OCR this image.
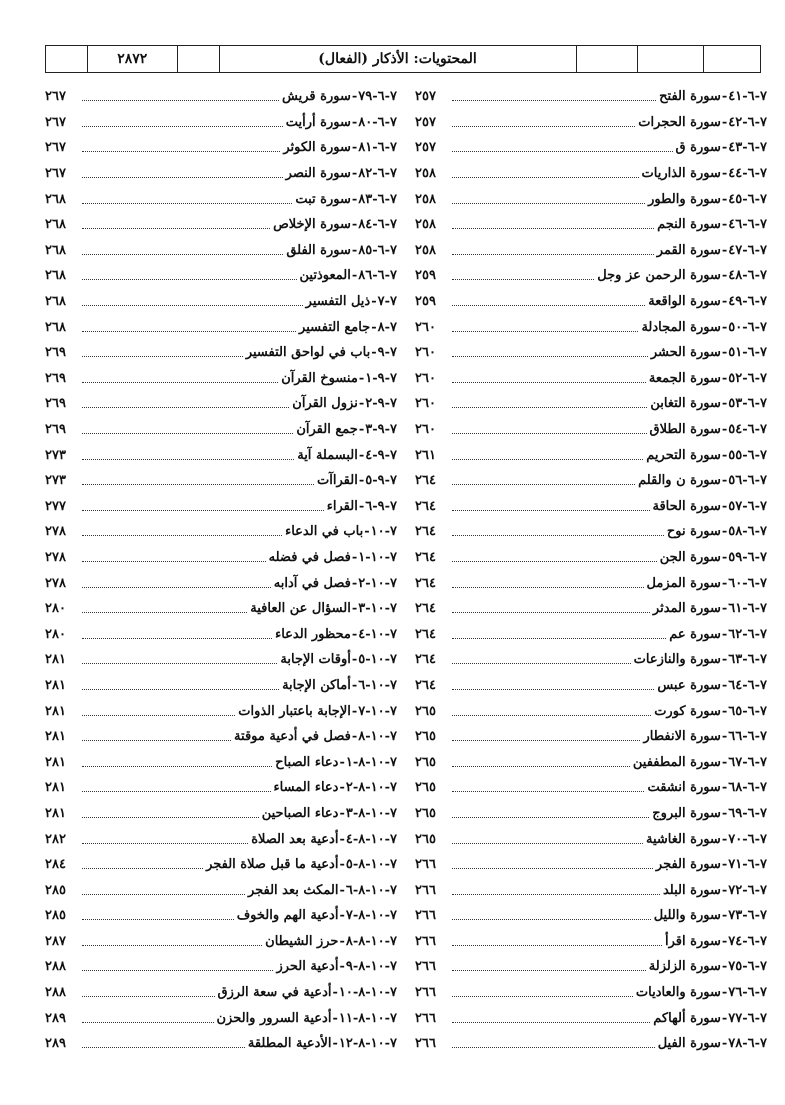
٢٨٧٢	المحتويات: الأذكار (الفعال)
٧-٦-٤١
-
سورة الفتح
٢٥٧
٧-٦-٤٢
-
سورة الحجرات
٢٥٧
٧-٦-٤٣
-
سورة ق
٢٥٧
٧-٦-٤٤
-
سورة الذاريات
٢٥٨
٧-٦-٤٥
-
سورة والطور
٢٥٨
٧-٦-٤٦
-
سورة النجم
٢٥٨
٧-٦-٤٧
-
سورة القمر
٢٥٨
٧-٦-٤٨
-
سورة الرحمن عز وجل
٢٥٩
٧-٦-٤٩
-
سورة الواقعة
٢٥٩
٧-٦-٥٠
-
سورة المجادلة
٢٦٠
٧-٦-٥١
-
سورة الحشر
٢٦٠
٧-٦-٥٢
-
سورة الجمعة
٢٦٠
٧-٦-٥٣
-
سورة التغابن
٢٦٠
٧-٦-٥٤
-
سورة الطلاق
٢٦٠
٧-٦-٥٥
-
سورة التحريم
٢٦١
٧-٦-٥٦
-
سورة ن والقلم
٢٦٤
٧-٦-٥٧
-
سورة الحاقة
٢٦٤
٧-٦-٥٨
-
سورة نوح
٢٦٤
٧-٦-٥٩
-
سورة الجن
٢٦٤
٧-٦-٦٠
-
سورة المزمل
٢٦٤
٧-٦-٦١
-
سورة المدثر
٢٦٤
٧-٦-٦٢
-
سورة عم
٢٦٤
٧-٦-٦٣
-
سورة والنازعات
٢٦٤
٧-٦-٦٤
-
سورة عبس
٢٦٤
٧-٦-٦٥
-
سورة كورت
٢٦٥
٧-٦-٦٦
-
سورة الانفطار
٢٦٥
٧-٦-٦٧
-
سورة المطففين
٢٦٥
٧-٦-٦٨
-
سورة انشقت
٢٦٥
٧-٦-٦٩
-
سورة البروج
٢٦٥
٧-٦-٧٠
-
سورة الغاشية
٢٦٥
٧-٦-٧١
-
سورة الفجر
٢٦٦
٧-٦-٧٢
-
سورة البلد
٢٦٦
٧-٦-٧٣
-
سورة والليل
٢٦٦
٧-٦-٧٤
-
سورة اقرأ
٢٦٦
٧-٦-٧٥
-
سورة الزلزلة
٢٦٦
٧-٦-٧٦
-
سورة والعاديات
٢٦٦
٧-٦-٧٧
-
سورة ألهاكم
٢٦٦
٧-٦-٧٨
-
سورة الفيل
٢٦٦
٧-٦-٧٩
-
سورة قريش
٢٦٧
٧-٦-٨٠
-
سورة أرأيت
٢٦٧
٧-٦-٨١
-
سورة الكوثر
٢٦٧
٧-٦-٨٢
-
سورة النصر
٢٦٧
٧-٦-٨٣
-
سورة تبت
٢٦٨
٧-٦-٨٤
-
سورة الإخلاص
٢٦٨
٧-٦-٨٥
-
سورة الفلق
٢٦٨
٧-٦-٨٦
-
المعوذتين
٢٦٨
٧-٧
-
ذيل التفسير
٢٦٨
٧-٨
-
جامع التفسير
٢٦٨
٧-٩
-
باب في لواحق التفسير
٢٦٩
٧-٩-١
-
منسوخ القرآن
٢٦٩
٧-٩-٢
-
نزول القرآن
٢٦٩
٧-٩-٣
-
جمع القرآن
٢٦٩
٧-٩-٤
-
البسملة آية
٢٧٣
٧-٩-٥
-
القراآت
٢٧٣
٧-٩-٦
-
القراء
٢٧٧
٧-١٠
-
باب في الدعاء
٢٧٨
٧-١٠-١
-
فصل في فضله
٢٧٨
٧-١٠-٢
-
فصل في آدابه
٢٧٨
٧-١٠-٣
-
السؤال عن العافية
٢٨٠
٧-١٠-٤
-
محظور الدعاء
٢٨٠
٧-١٠-٥
-
أوقات الإجابة
٢٨١
٧-١٠-٦
-
أماكن الإجابة
٢٨١
٧-١٠-٧
-
الإجابة باعتبار الذوات
٢٨١
٧-١٠-٨
-
فصل في أدعية موقتة
٢٨١
٧-١٠-٨-١
-
دعاء الصباح
٢٨١
٧-١٠-٨-٢
-
دعاء المساء
٢٨١
٧-١٠-٨-٣
-
دعاء الصباحين
٢٨١
٧-١٠-٨-٤
-
أدعية بعد الصلاة
٢٨٢
٧-١٠-٨-٥
-
أدعية ما قبل صلاة الفجر
٢٨٤
٧-١٠-٨-٦
-
المكث بعد الفجر
٢٨٥
٧-١٠-٨-٧
-
أدعية الهم والخوف
٢٨٥
٧-١٠-٨-٨
-
حرز الشيطان
٢٨٧
٧-١٠-٨-٩
-
أدعية الحرز
٢٨٨
٧-١٠-٨-١٠
-
أدعية في سعة الرزق
٢٨٨
٧-١٠-٨-١١
-
أدعية السرور والحزن
٢٨٩
٧-١٠-٨-١٢
-
الأدعية المطلقة
٢٨٩
